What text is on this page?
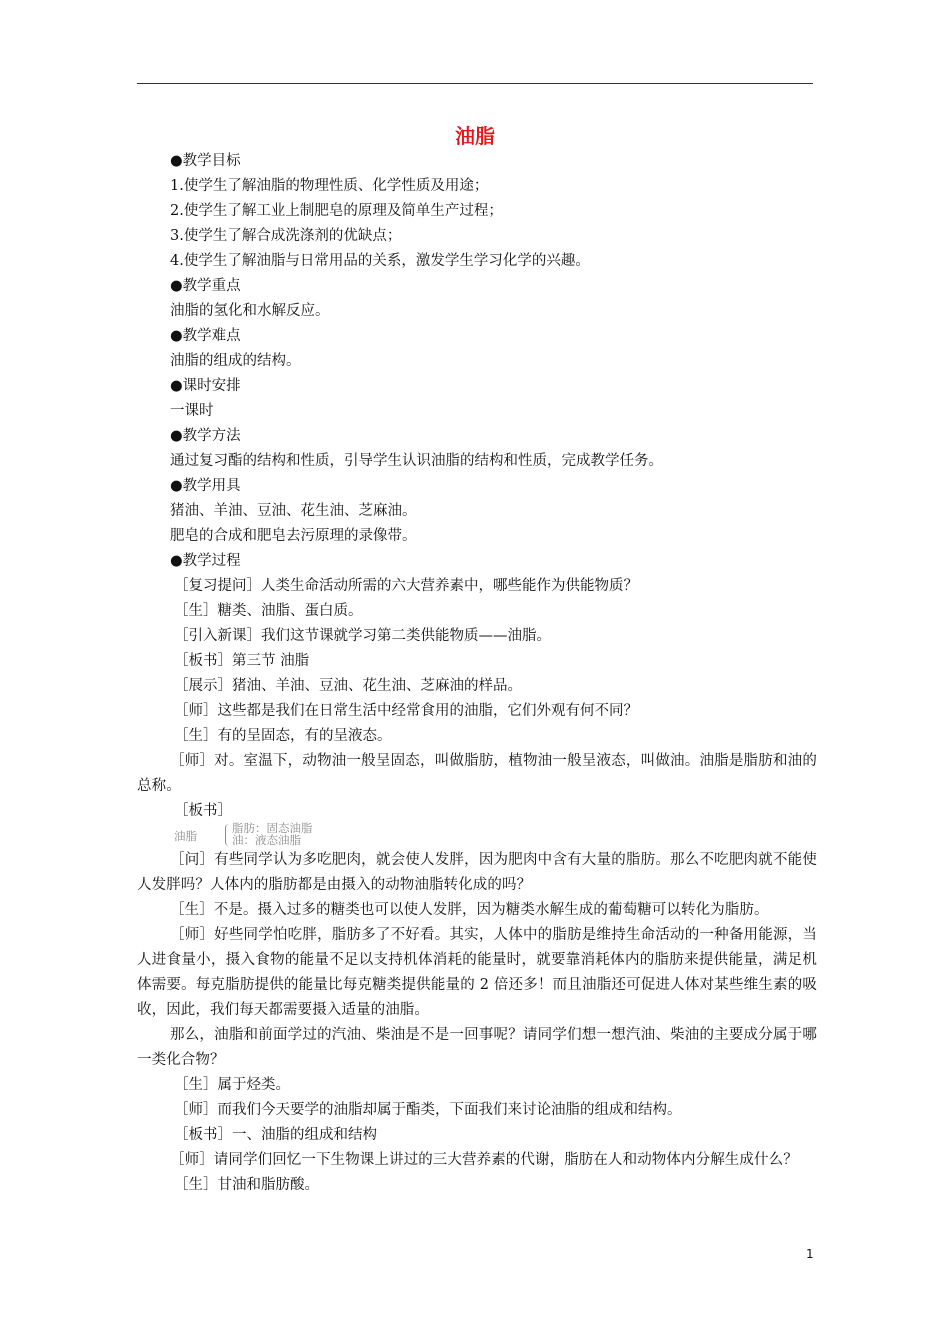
油脂
●教学目标
1.使学生了解油脂的物理性质、化学性质及用途；
2.使学生了解工业上制肥皂的原理及简单生产过程；
3.使学生了解合成洗涤剂的优缺点；
4.使学生了解油脂与日常用品的关系，激发学生学习化学的兴趣。
●教学重点
油脂的氢化和水解反应。
●教学难点
油脂的组成的结构。
●课时安排
一课时
●教学方法
通过复习酯的结构和性质，引导学生认识油脂的结构和性质，完成教学任务。
●教学用具
猪油、羊油、豆油、花生油、芝麻油。
肥皂的合成和肥皂去污原理的录像带。
●教学过程
［复习提问］人类生命活动所需的六大营养素中，哪些能作为供能物质？
［生］糖类、油脂、蛋白质。
［引入新课］我们这节课就学习第二类供能物质——油脂。
［板书］第三节 油脂
［展示］猪油、羊油、豆油、花生油、芝麻油的样品。
［师］这些都是我们在日常生活中经常食用的油脂，它们外观有何不同？
［生］有的呈固态，有的呈液态。
［师］对。室温下，动物油一般呈固态，叫做脂肪，植物油一般呈液态，叫做油。油脂是脂肪和油的总称。
［板书］
油脂
脂肪：固态油脂
油：液态油脂
［问］有些同学认为多吃肥肉，就会使人发胖，因为肥肉中含有大量的脂肪。那么不吃肥肉就不能使人发胖吗？人体内的脂肪都是由摄入的动物油脂转化成的吗？
［生］不是。摄入过多的糖类也可以使人发胖，因为糖类水解生成的葡萄糖可以转化为脂肪。
［师］好些同学怕吃胖，脂肪多了不好看。其实，人体中的脂肪是维持生命活动的一种备用能源，当人进食量小，摄入食物的能量不足以支持机体消耗的能量时，就要靠消耗体内的脂肪来提供能量，满足机体需要。每克脂肪提供的能量比每克糖类提供能量的 2 倍还多！而且油脂还可促进人体对某些维生素的吸收，因此，我们每天都需要摄入适量的油脂。
那么，油脂和前面学过的汽油、柴油是不是一回事呢？请同学们想一想汽油、柴油的主要成分属于哪一类化合物？
［生］属于烃类。
［师］而我们今天要学的油脂却属于酯类，下面我们来讨论油脂的组成和结构。
［板书］一、油脂的组成和结构
［师］请同学们回忆一下生物课上讲过的三大营养素的代谢，脂肪在人和动物体内分解生成什么？
［生］甘油和脂肪酸。
1
